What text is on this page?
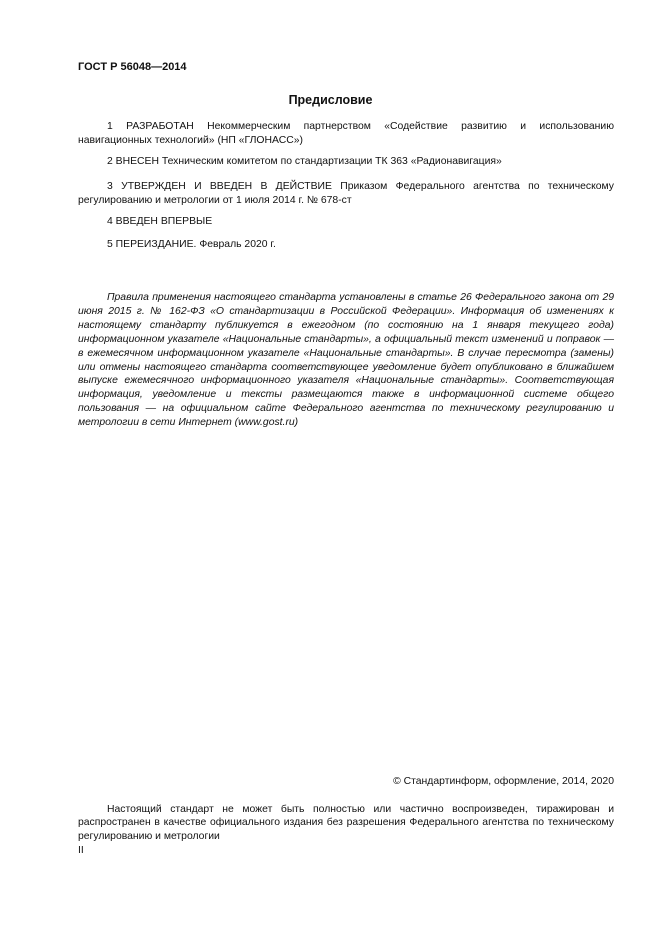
ГОСТ Р 56048—2014
Предисловие
1 РАЗРАБОТАН Некоммерческим партнерством «Содействие развитию и использованию навигационных технологий» (НП «ГЛОНАСС»)
2 ВНЕСЕН Техническим комитетом по стандартизации ТК 363 «Радионавигация»
3 УТВЕРЖДЕН И ВВЕДЕН В ДЕЙСТВИЕ Приказом Федерального агентства по техническому регулированию и метрологии от 1 июля 2014 г. № 678-ст
4 ВВЕДЕН ВПЕРВЫЕ
5 ПЕРЕИЗДАНИЕ. Февраль 2020 г.
Правила применения настоящего стандарта установлены в статье 26 Федерального закона от 29 июня 2015 г. № 162-ФЗ «О стандартизации в Российской Федерации». Информация об изменениях к настоящему стандарту публикуется в ежегодном (по состоянию на 1 января текущего года) информационном указателе «Национальные стандарты», а официальный текст изменений и поправок — в ежемесячном информационном указателе «Национальные стандарты». В случае пересмотра (замены) или отмены настоящего стандарта соответствующее уведомление будет опубликовано в ближайшем выпуске ежемесячного информационного указателя «Национальные стандарты». Соответствующая информация, уведомление и тексты размещаются также в информационной системе общего пользования — на официальном сайте Федерального агентства по техническому регулированию и метрологии в сети Интернет (www.gost.ru)
© Стандартинформ, оформление, 2014, 2020
Настоящий стандарт не может быть полностью или частично воспроизведен, тиражирован и распространен в качестве официального издания без разрешения Федерального агентства по техническому регулированию и метрологии
II
